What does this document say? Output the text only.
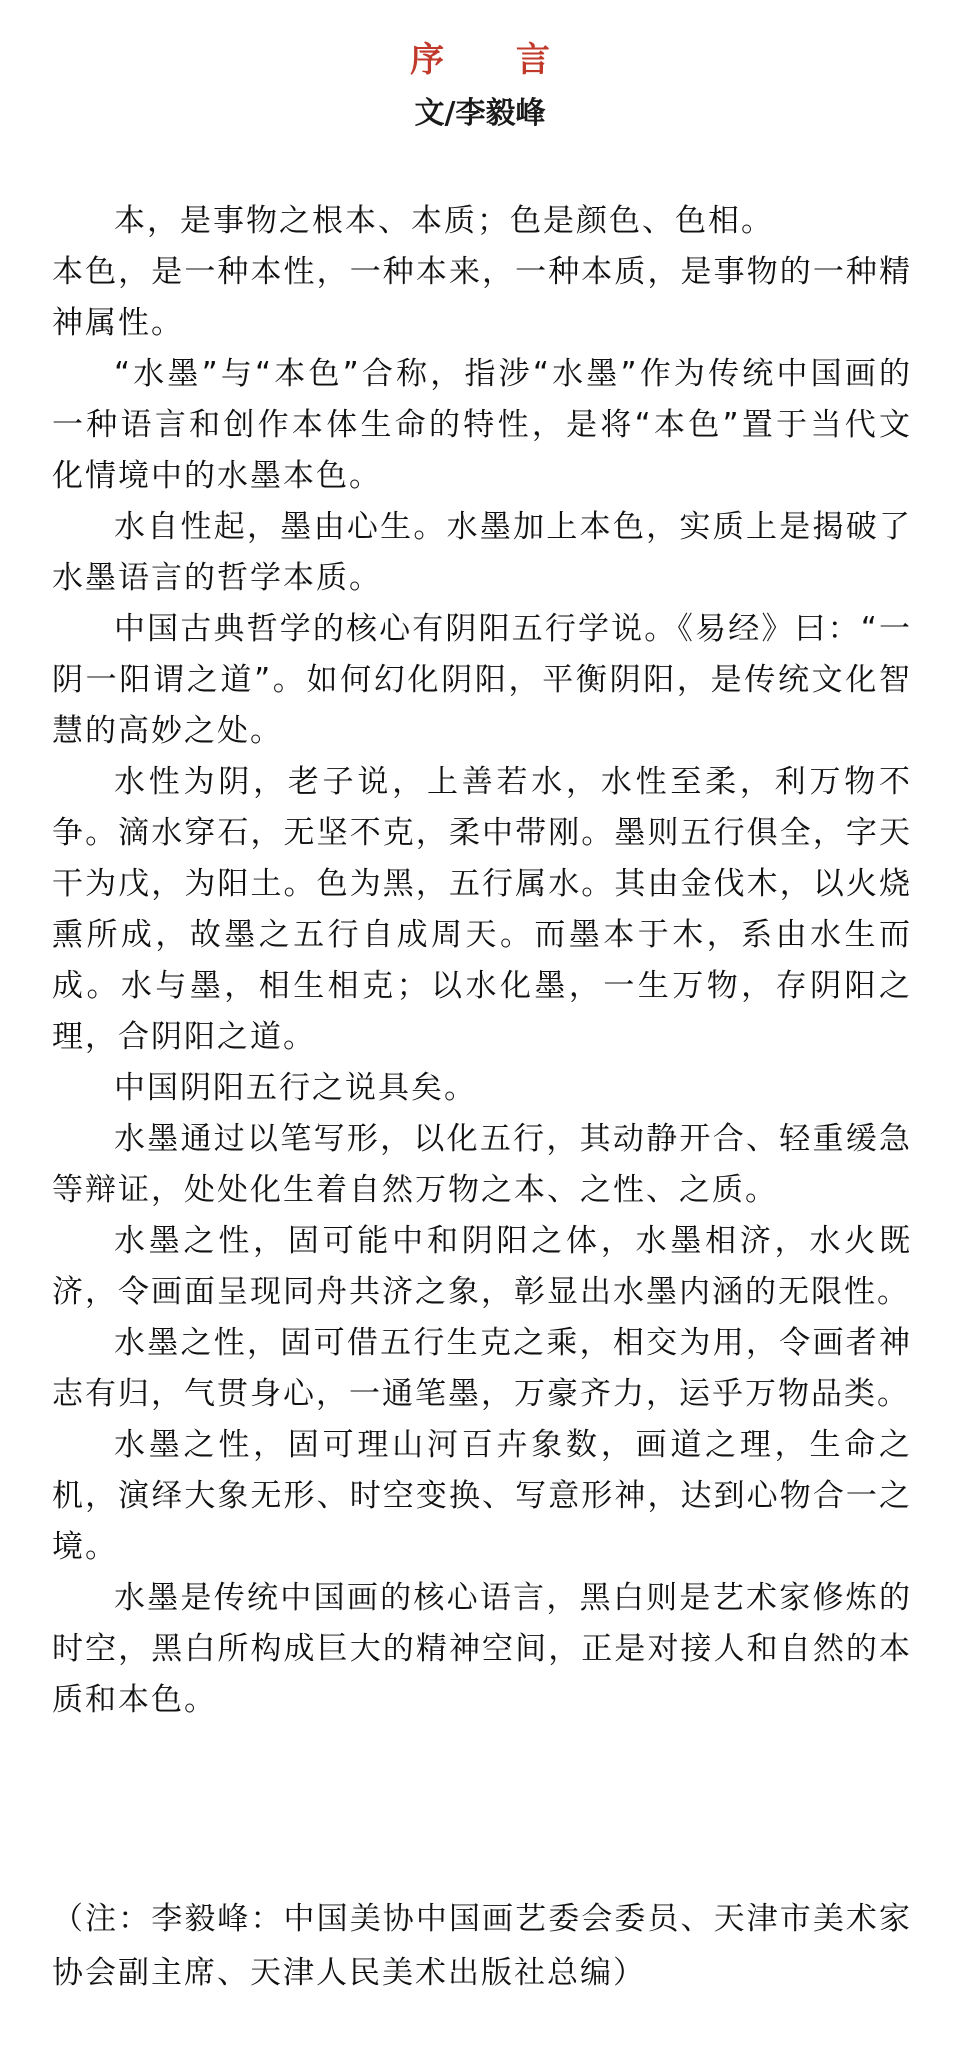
序 言
文/李毅峰

本，是事物之根本、本质；色是颜色、色相。

本色，是一种本性，一种本来，一种本质，是事物的一种精神属性。

“水墨”与“本色”合称，指涉“水墨”作为传统中国画的一种语言和创作本体生命的特性，是将“本色”置于当代文化情境中的水墨本色。

水自性起，墨由心生。水墨加上本色，实质上是揭破了水墨语言的哲学本质。

中国古典哲学的核心有阴阳五行学说。《易经》曰：“一阴一阳谓之道”。如何幻化阴阳，平衡阴阳，是传统文化智慧的高妙之处。

水性为阴，老子说，上善若水，水性至柔，利万物不争。滴水穿石，无坚不克，柔中带刚。墨则五行俱全，字天干为戊，为阳土。色为黑，五行属水。其由金伐木，以火烧熏所成，故墨之五行自成周天。而墨本于木，系由水生而成。水与墨，相生相克；以水化墨，一生万物，存阴阳之理，合阴阳之道。

中国阴阳五行之说具矣。

水墨通过以笔写形，以化五行，其动静开合、轻重缓急等辩证，处处化生着自然万物之本、之性、之质。

水墨之性，固可能中和阴阳之体，水墨相济，水火既济，令画面呈现同舟共济之象，彰显出水墨内涵的无限性。

水墨之性，固可借五行生克之乘，相交为用，令画者神志有归，气贯身心，一通笔墨，万豪齐力，运乎万物品类。

水墨之性，固可理山河百卉象数，画道之理，生命之机，演绎大象无形、时空变换、写意形神，达到心物合一之境。

水墨是传统中国画的核心语言，黑白则是艺术家修炼的时空，黑白所构成巨大的精神空间，正是对接人和自然的本质和本色。

（注：李毅峰：中国美协中国画艺委会委员、天津市美术家协会副主席、天津人民美术出版社总编）
